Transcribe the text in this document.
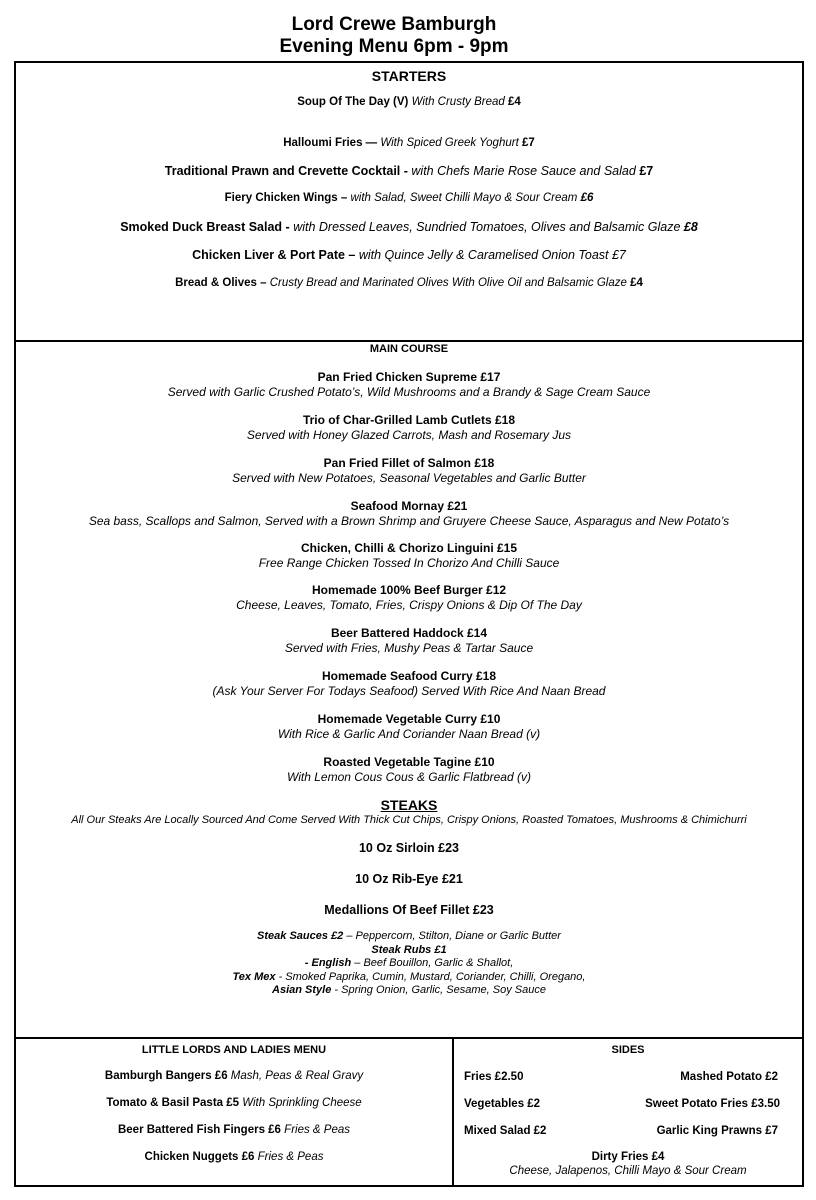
Lord Crewe Bamburgh
Evening Menu 6pm - 9pm
STARTERS
Soup Of The Day (V) With Crusty Bread £4
Halloumi Fries — With Spiced Greek Yoghurt £7
Traditional Prawn and Crevette Cocktail - with Chefs Marie Rose Sauce and Salad £7
Fiery Chicken Wings – with Salad, Sweet Chilli Mayo & Sour Cream £6
Smoked Duck Breast Salad - with Dressed Leaves, Sundried Tomatoes, Olives and Balsamic Glaze £8
Chicken Liver & Port Pate – with Quince Jelly & Caramelised Onion Toast £7
Bread & Olives – Crusty Bread and Marinated Olives With Olive Oil and Balsamic Glaze £4
MAIN COURSE
Pan Fried Chicken Supreme £17
Served with Garlic Crushed Potato’s, Wild Mushrooms and a Brandy & Sage Cream Sauce
Trio of Char-Grilled Lamb Cutlets £18
Served with Honey Glazed Carrots, Mash and Rosemary Jus
Pan Fried Fillet of Salmon £18
Served with New Potatoes, Seasonal Vegetables and Garlic Butter
Seafood Mornay £21
Sea bass, Scallops and Salmon, Served with a Brown Shrimp and Gruyere Cheese Sauce, Asparagus and New Potato’s
Chicken, Chilli & Chorizo Linguini £15
Free Range Chicken Tossed In Chorizo And Chilli Sauce
Homemade 100% Beef Burger £12
Cheese, Leaves, Tomato, Fries, Crispy Onions & Dip Of The Day
Beer Battered Haddock £14
Served with Fries, Mushy Peas & Tartar Sauce
Homemade Seafood Curry £18
(Ask Your Server For Todays Seafood) Served With Rice And Naan Bread
Homemade Vegetable Curry £10
With Rice & Garlic And Coriander Naan Bread (v)
Roasted Vegetable Tagine £10
With Lemon Cous Cous & Garlic Flatbread (v)
STEAKS
All Our Steaks Are Locally Sourced And Come Served With Thick Cut Chips, Crispy Onions, Roasted Tomatoes, Mushrooms & Chimichurri
10 Oz Sirloin £23
10 Oz Rib-Eye £21
Medallions Of Beef Fillet £23
Steak Sauces £2 – Peppercorn, Stilton, Diane or Garlic Butter
Steak Rubs £1
- English – Beef Bouillon, Garlic & Shallot,
Tex Mex - Smoked Paprika, Cumin, Mustard, Coriander, Chilli, Oregano,
Asian Style - Spring Onion, Garlic, Sesame, Soy Sauce
LITTLE LORDS AND LADIES MENU
Bamburgh Bangers £6 Mash, Peas & Real Gravy
Tomato & Basil Pasta £5 With Sprinkling Cheese
Beer Battered Fish Fingers £6 Fries & Peas
Chicken Nuggets £6 Fries & Peas
SIDES
Fries £2.50
Vegetables £2
Mixed Salad £2
Mashed Potato £2
Sweet Potato Fries £3.50
Garlic King Prawns £7
Dirty Fries £4
Cheese, Jalapenos, Chilli Mayo & Sour Cream
